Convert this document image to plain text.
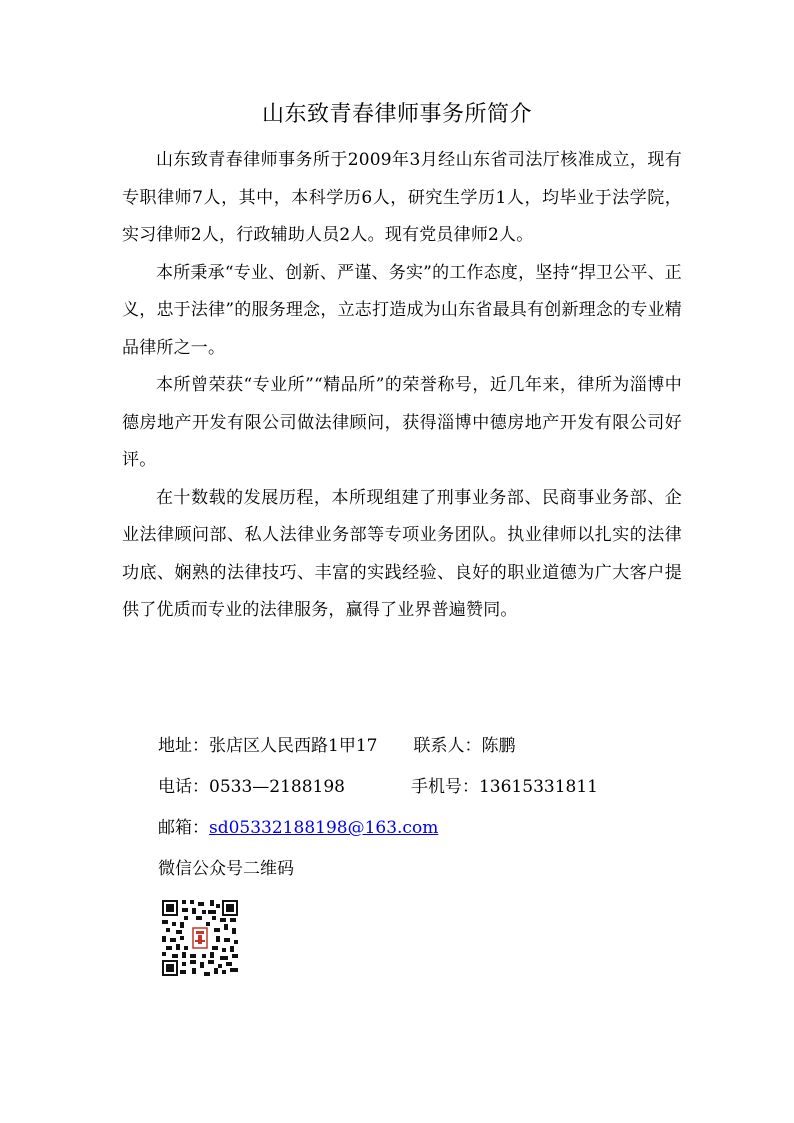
山东致青春律师事务所简介

山东致青春律师事务所于2009年3月经山东省司法厅核准成立，现有专职律师7人，其中，本科学历6人，研究生学历1人，均毕业于法学院，实习律师2人，行政辅助人员2人。现有党员律师2人。

本所秉承“专业、创新、严谨、务实”的工作态度，坚持“捍卫公平、正义，忠于法律”的服务理念，立志打造成为山东省最具有创新理念的专业精品律所之一。

本所曾荣获“专业所”“精品所”的荣誉称号，近几年来，律所为淄博中德房地产开发有限公司做法律顾问，获得淄博中德房地产开发有限公司好评。

在十数载的发展历程，本所现组建了刑事业务部、民商事业务部、企业法律顾问部、私人法律业务部等专项业务团队。执业律师以扎实的法律功底、娴熟的法律技巧、丰富的实践经验、良好的职业道德为广大客户提供了优质而专业的法律服务，赢得了业界普遍赞同。

地址：张店区人民西路1甲17 联系人：陈鹏
电话：0533—2188198	手机号：13615331811
邮箱：sd05332188198@163.com
微信公众号二维码
